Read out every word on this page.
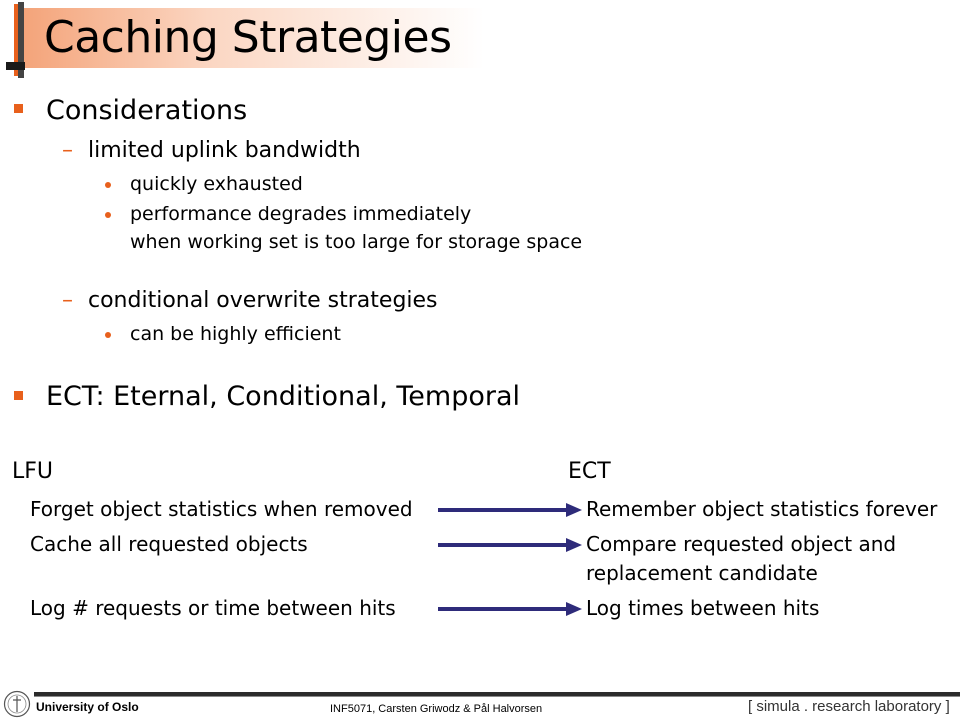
Caching Strategies
Considerations
– limited uplink bandwidth
quickly exhausted
performance degrades immediately
when working set is too large for storage space
– conditional overwrite strategies
can be highly efficient
ECT: Eternal, Conditional, Temporal
LFU	ECT
Forget object statistics when removed	Remember object statistics forever
Cache all requested objects	Compare requested object and
replacement candidate
Log # requests or time between hits	Log times between hits
University of Oslo	INF5071, Carsten Griwodz & Pål Halvorsen	[ simula . research laboratory ]
